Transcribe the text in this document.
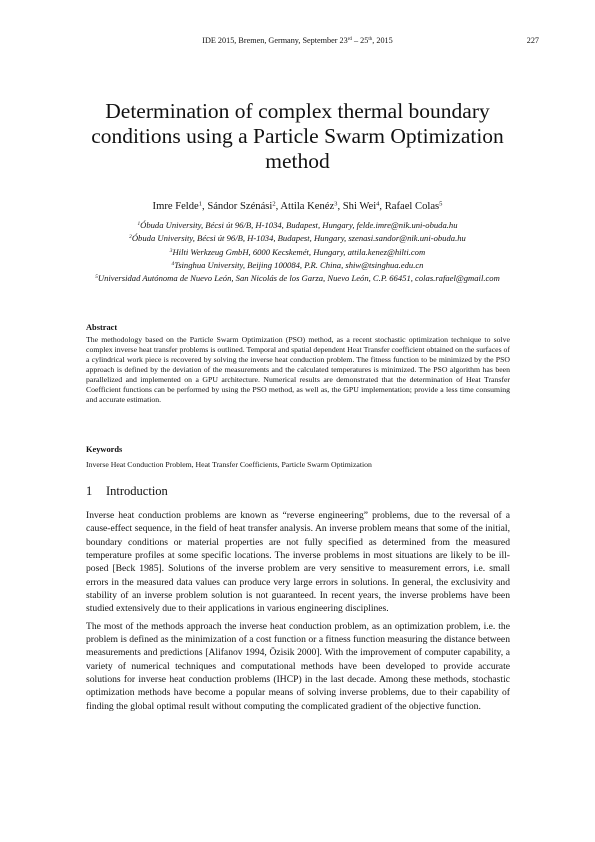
IDE 2015, Bremen, Germany, September 23rd – 25th, 2015	227
Determination of complex thermal boundary conditions using a Particle Swarm Optimization method
Imre Felde$^1$, Sándor Szénási$^2$, Attila Kenéz$^3$, Shi Wei$^4$, Rafael Colas$^5$
$^1$Óbuda University, Bécsi út 96/B, H-1034, Budapest, Hungary, felde.imre@nik.uni-obuda.hu
$^2$Óbuda University, Bécsi út 96/B, H-1034, Budapest, Hungary, szenasi.sandor@nik.uni-obuda.hu
$^3$Hilti Werkzeug GmbH, 6000 Kecskemét, Hungary, attila.kenez@hilti.com
$^4$Tsinghua University, Beijing 100084, P.R. China, shiw@tsinghua.edu.cn
$^5$Universidad Autónoma de Nuevo León, San Nicolás de los Garza, Nuevo León, C.P. 66451, colas.rafael@gmail.com
Abstract
The methodology based on the Particle Swarm Optimization (PSO) method, as a recent stochastic optimization technique to solve complex inverse heat transfer problems is outlined. Temporal and spatial dependent Heat Transfer coefficient obtained on the surfaces of a cylindrical work piece is recovered by solving the inverse heat conduction problem. The fitness function to be minimized by the PSO approach is defined by the deviation of the measurements and the calculated temperatures is minimized. The PSO algorithm has been parallelized and implemented on a GPU architecture. Numerical results are demonstrated that the determination of Heat Transfer Coefficient functions can be performed by using the PSO method, as well as, the GPU implementation; provide a less time consuming and accurate estimation.
Keywords
Inverse Heat Conduction Problem, Heat Transfer Coefficients, Particle Swarm Optimization
1 Introduction

Inverse heat conduction problems are known as “reverse engineering” problems, due to the reversal of a cause-effect sequence, in the field of heat transfer analysis. An inverse problem means that some of the initial, boundary conditions or material properties are not fully specified as determined from the measured temperature profiles at some specific locations. The inverse problems in most situations are likely to be ill-posed [Beck 1985]. Solutions of the inverse problem are very sensitive to measurement errors, i.e. small errors in the measured data values can produce very large errors in solutions. In general, the exclusivity and stability of an inverse problem solution is not guaranteed. In recent years, the inverse problems have been studied extensively due to their applications in various engineering disciplines.

The most of the methods approach the inverse heat conduction problem, as an optimization problem, i.e. the problem is defined as the minimization of a cost function or a fitness function measuring the distance between measurements and predictions [Alifanov 1994, Özisik 2000]. With the improvement of computer capability, a variety of numerical techniques and computational methods have been developed to provide accurate solutions for inverse heat conduction problems (IHCP) in the last decade. Among these methods, stochastic optimization methods have become a popular means of solving inverse problems, due to their capability of finding the global optimal result without computing the complicated gradient of the objective function.
